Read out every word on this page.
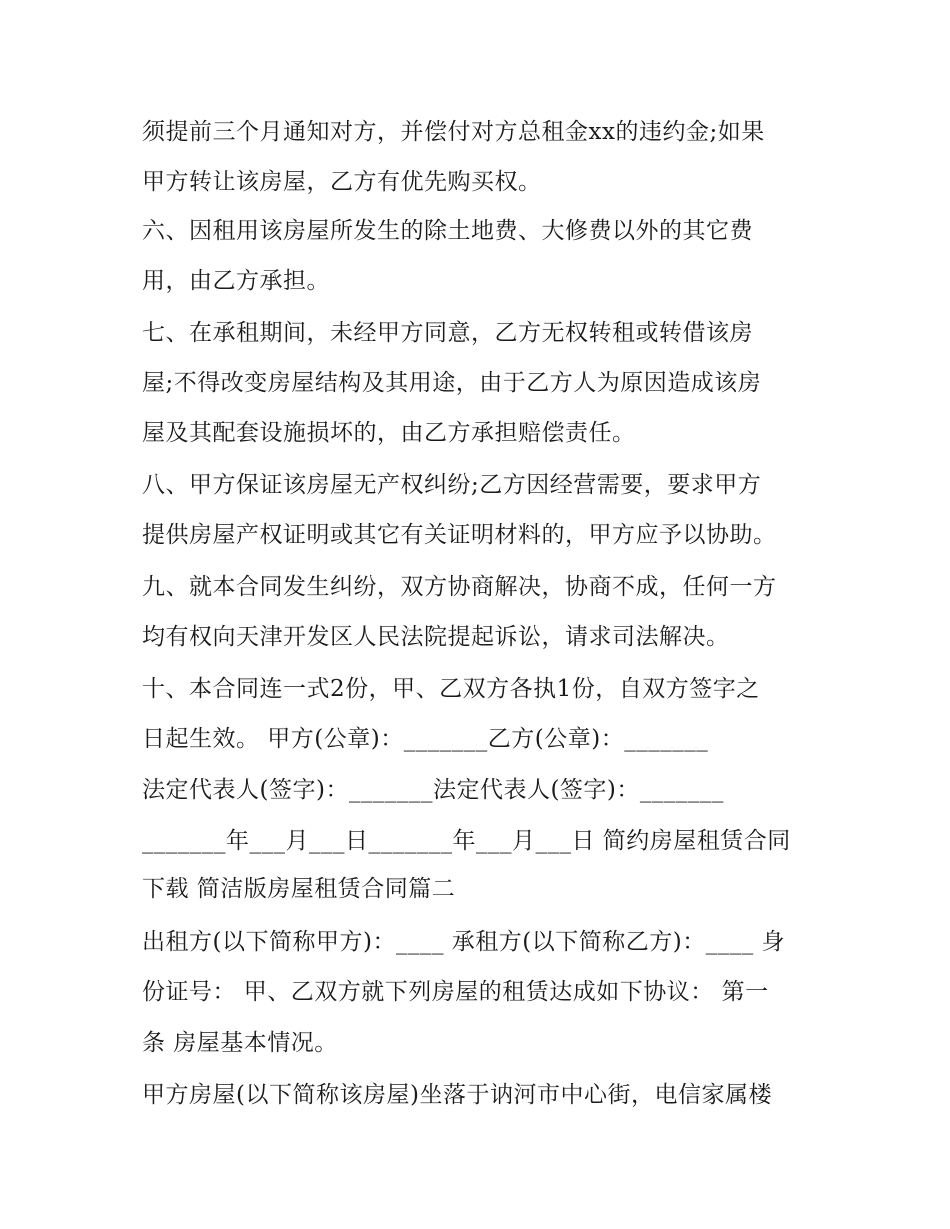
须提前三个月通知对方，并偿付对方总租金xx的违约金;如果
甲方转让该房屋，乙方有优先购买权。
六、因租用该房屋所发生的除土地费、大修费以外的其它费
用，由乙方承担。
七、在承租期间，未经甲方同意，乙方无权转租或转借该房
屋;不得改变房屋结构及其用途，由于乙方人为原因造成该房
屋及其配套设施损坏的，由乙方承担赔偿责任。
八、甲方保证该房屋无产权纠纷;乙方因经营需要，要求甲方
提供房屋产权证明或其它有关证明材料的，甲方应予以协助。
九、就本合同发生纠纷，双方协商解决，协商不成，任何一方
均有权向天津开发区人民法院提起诉讼，请求司法解决。
十、本合同连一式2份，甲、乙双方各执1份，自双方签字之
日起生效。 甲方(公章)：_______乙方(公章)：_______
法定代表人(签字)：_______法定代表人(签字)：_______
_______年___月___日_______年___月___日 简约房屋租赁合同
下载 简洁版房屋租赁合同篇二
出租方(以下简称甲方)：____ 承租方(以下简称乙方)：____ 身
份证号： 甲、乙双方就下列房屋的租赁达成如下协议： 第一
条 房屋基本情况。
甲方房屋(以下简称该房屋)坐落于讷河市中心街，电信家属楼
